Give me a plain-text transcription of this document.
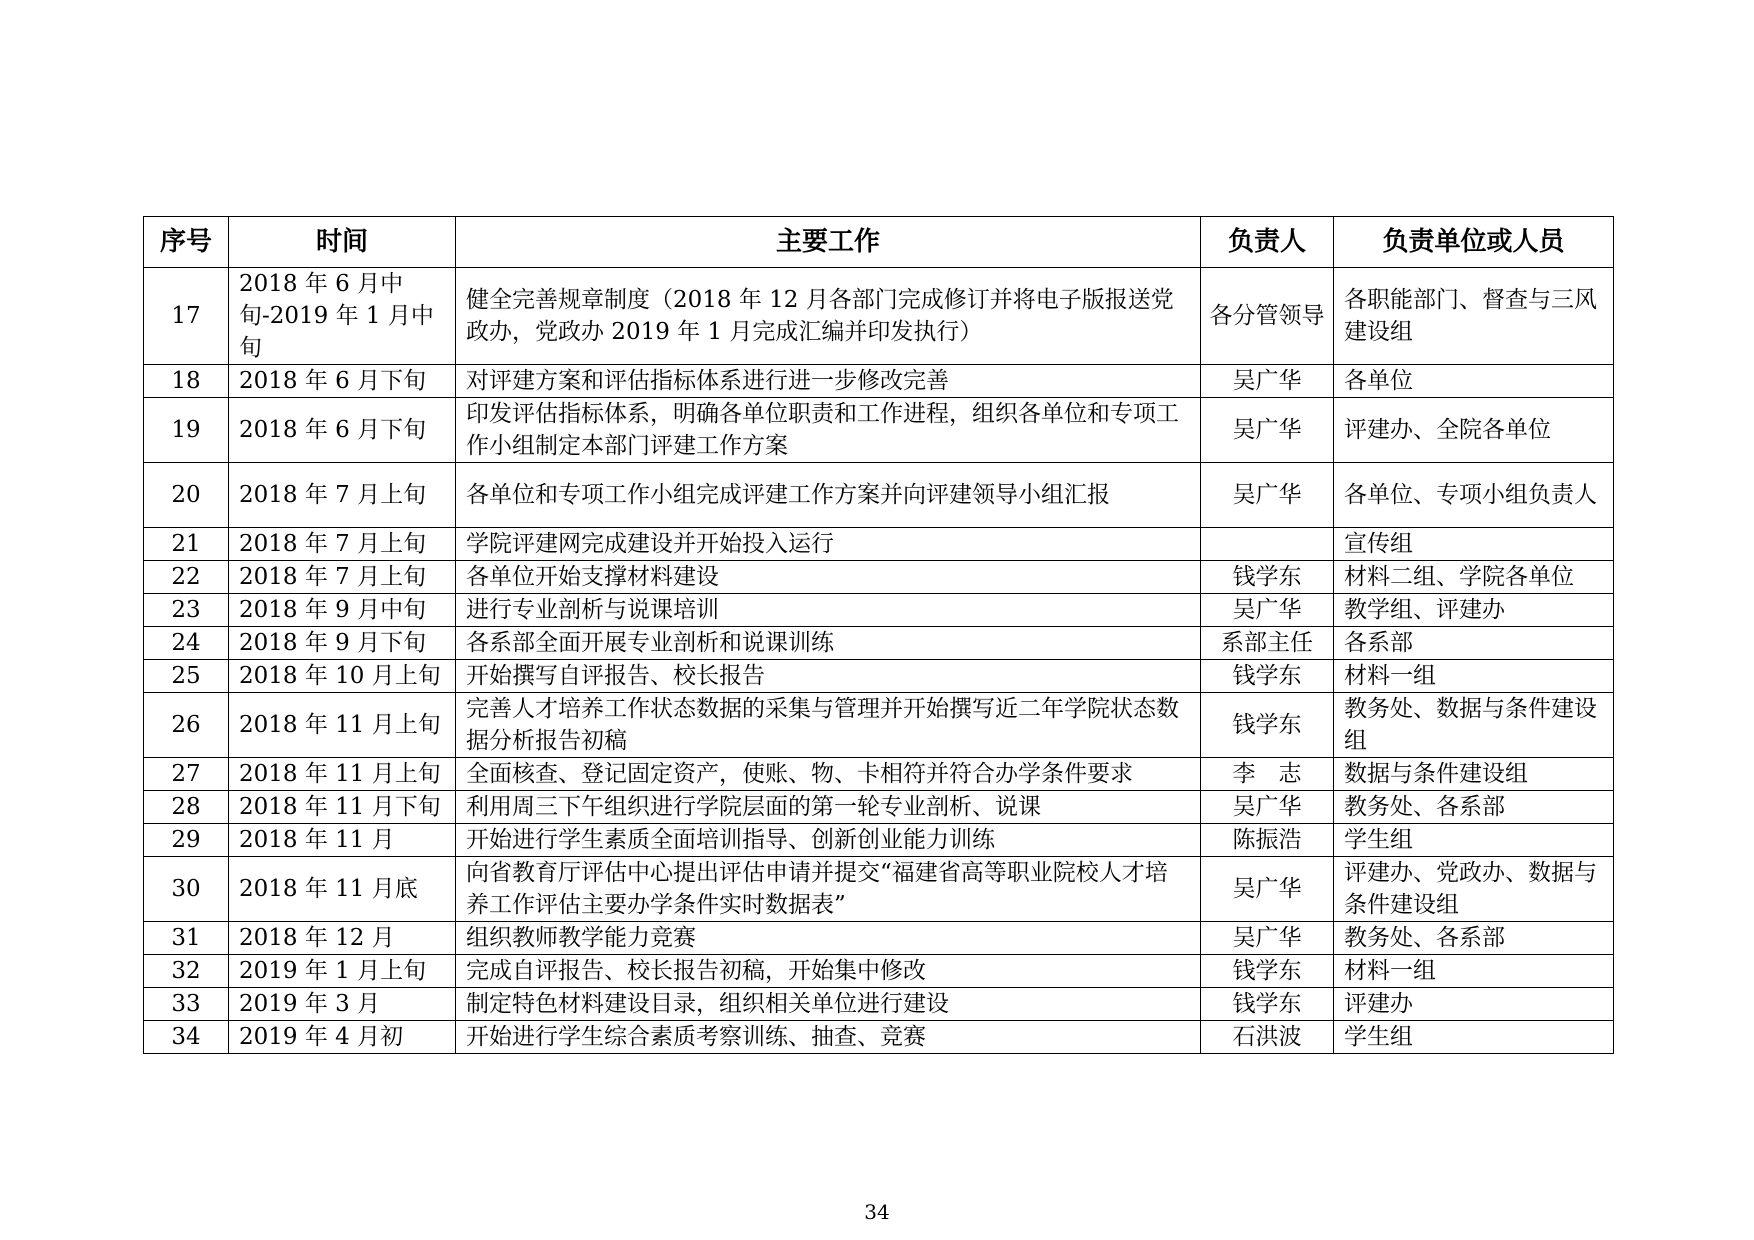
序号	时间	主要工作	负责人	负责单位或人员
17	2018 年 6 月中旬-2019 年 1 月中旬	健全完善规章制度（2018 年 12 月各部门完成修订并将电子版报送党政办，党政办 2019 年 1 月完成汇编并印发执行）	各分管领导	各职能部门、督查与三风建设组
18	2018 年 6 月下旬	对评建方案和评估指标体系进行进一步修改完善	吴广华	各单位
19	2018 年 6 月下旬	印发评估指标体系，明确各单位职责和工作进程，组织各单位和专项工作小组制定本部门评建工作方案	吴广华	评建办、全院各单位
20	2018 年 7 月上旬	各单位和专项工作小组完成评建工作方案并向评建领导小组汇报	吴广华	各单位、专项小组负责人
21	2018 年 7 月上旬	学院评建网完成建设并开始投入运行		宣传组
22	2018 年 7 月上旬	各单位开始支撑材料建设	钱学东	材料二组、学院各单位
23	2018 年 9 月中旬	进行专业剖析与说课培训	吴广华	教学组、评建办
24	2018 年 9 月下旬	各系部全面开展专业剖析和说课训练	系部主任	各系部
25	2018 年 10 月上旬	开始撰写自评报告、校长报告	钱学东	材料一组
26	2018 年 11 月上旬	完善人才培养工作状态数据的采集与管理并开始撰写近二年学院状态数据分析报告初稿	钱学东	教务处、数据与条件建设组
27	2018 年 11 月上旬	全面核查、登记固定资产，使账、物、卡相符并符合办学条件要求	李　志	数据与条件建设组
28	2018 年 11 月下旬	利用周三下午组织进行学院层面的第一轮专业剖析、说课	吴广华	教务处、各系部
29	2018 年 11 月	开始进行学生素质全面培训指导、创新创业能力训练	陈振浩	学生组
30	2018 年 11 月底	向省教育厅评估中心提出评估申请并提交“福建省高等职业院校人才培养工作评估主要办学条件实时数据表”	吴广华	评建办、党政办、数据与条件建设组
31	2018 年 12 月	组织教师教学能力竞赛	吴广华	教务处、各系部
32	2019 年 1 月上旬	完成自评报告、校长报告初稿，开始集中修改	钱学东	材料一组
33	2019 年 3 月	制定特色材料建设目录，组织相关单位进行建设	钱学东	评建办
34	2019 年 4 月初	开始进行学生综合素质考察训练、抽查、竞赛	石洪波	学生组
34
